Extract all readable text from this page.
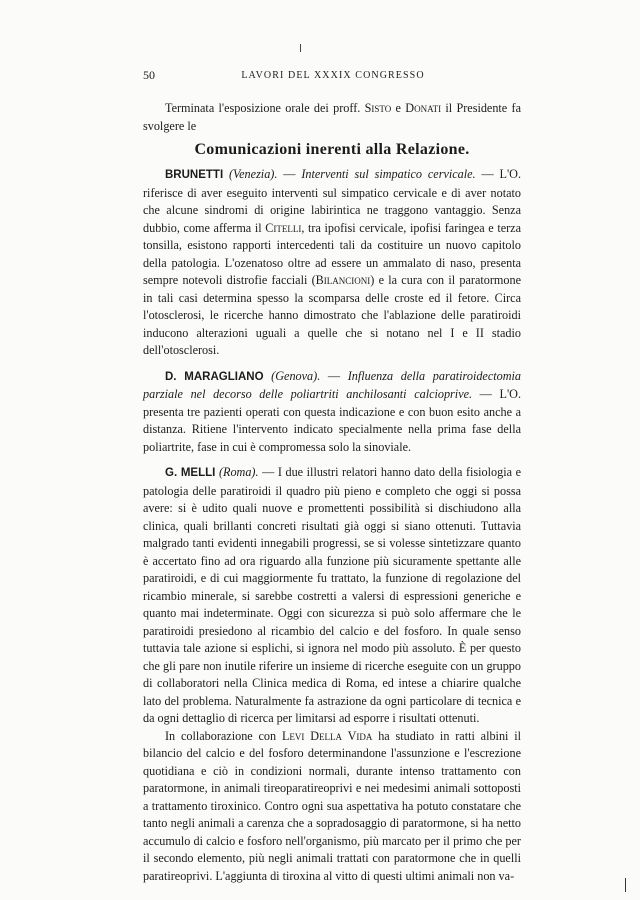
50	LAVORI DEL XXXIX CONGRESSO

Terminata l'esposizione orale dei proff. Sisto e Donati il Presidente fa svolgere le

Comunicazioni inerenti alla Relazione.

BRUNETTI (Venezia). — Interventi sul simpatico cervicale. — L'O. riferisce di aver eseguito interventi sul simpatico cervicale e di aver notato che alcune sindromi di origine labirintica ne traggono vantaggio. Senza dubbio, come afferma il Citelli, tra ipofisi cervicale, ipofisi faringea e terza tonsilla, esistono rapporti intercedenti tali da costituire un nuovo capitolo della patologia. L'ozenatoso oltre ad essere un ammalato di naso, presenta sempre notevoli distrofie facciali (Bilancioni) e la cura con il paratormone in tali casi determina spesso la scomparsa delle croste ed il fetore. Circa l'otosclerosi, le ricerche hanno dimostrato che l'ablazione delle paratiroidi inducono alterazioni uguali a quelle che si notano nel I e II stadio dell'otosclerosi.

D. MARAGLIANO (Genova). — Influenza della paratiroidectomia parziale nel decorso delle poliartriti anchilosanti calcioprive. — L'O. presenta tre pazienti operati con questa indicazione e con buon esito anche a distanza. Ritiene l'intervento indicato specialmente nella prima fase della poliartrite, fase in cui è compromessa solo la sinoviale.

G. MELLI (Roma). — I due illustri relatori hanno dato della fisiologia e patologia delle paratiroidi il quadro più pieno e completo che oggi si possa avere: si è udito quali nuove e promettenti possibilità si dischiudono alla clinica, quali brillanti concreti risultati già oggi si siano ottenuti. Tuttavia malgrado tanti evidenti innegabili progressi, se si volesse sintetizzare quanto è accertato fino ad ora riguardo alla funzione più sicuramente spettante alle paratiroidi, e di cui maggiormente fu trattato, la funzione di regolazione del ricambio minerale, si sarebbe costretti a valersi di espressioni generiche e quanto mai indeterminate. Oggi con sicurezza si può solo affermare che le paratiroidi presiedono al ricambio del calcio e del fosforo. In quale senso tuttavia tale azione si esplichi, si ignora nel modo più assoluto. È per questo che gli pare non inutile riferire un insieme di ricerche eseguite con un gruppo di collaboratori nella Clinica medica di Roma, ed intese a chiarire qualche lato del problema. Naturalmente fa astrazione da ogni particolare di tecnica e da ogni dettaglio di ricerca per limitarsi ad esporre i risultati ottenuti.

In collaborazione con Levi Della Vida ha studiato in ratti albini il bilancio del calcio e del fosforo determinandone l'assunzione e l'escrezione quotidiana e ciò in condizioni normali, durante intenso trattamento con paratormone, in animali tireoparatireoprivi e nei medesimi animali sottoposti a trattamento tiroxinico. Contro ogni sua aspettativa ha potuto constatare che tanto negli animali a carenza che a sopradosaggio di paratormone, si ha netto accumulo di calcio e fosforo nell'organismo, più marcato per il primo che per il secondo elemento, più negli animali trattati con paratormone che in quelli paratireoprivi. L'aggiunta di tiroxina al vitto di questi ultimi animali non va-
